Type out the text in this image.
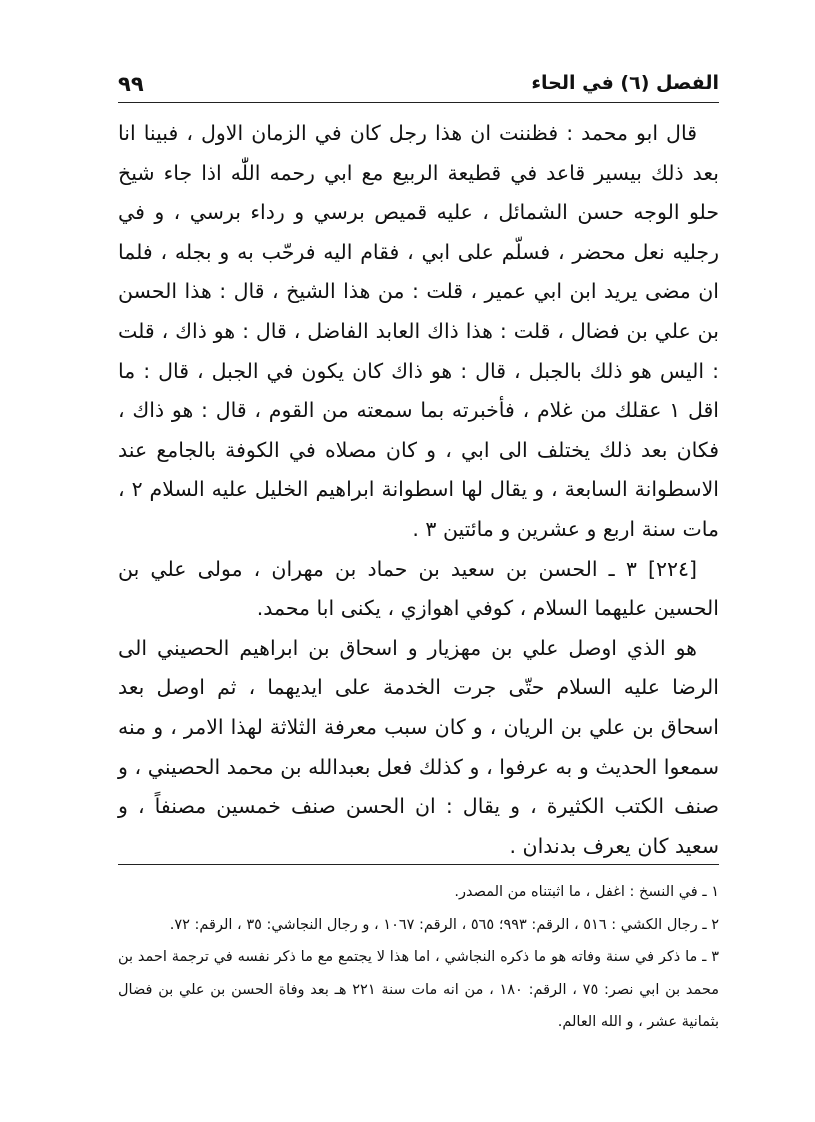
٩٩	الفصل (٦) في الحاء

قال ابو محمد : فظننت ان هذا رجل كان في الزمان الاول ، فبينا انا بعد ذلك بيسير قاعد في قطيعة الربيع مع ابي رحمه اللّٰه اذا جاء شيخ حلو الوجه حسن الشمائل ، عليه قميص برسي و رداء برسي ، و في رجليه نعل محضر ، فسلّم على ابي ، فقام اليه فرحّب به و بجله ، فلما ان مضى يريد ابن ابي عمير ، قلت : من هذا الشيخ ، قال : هذا الحسن بن علي بن فضال ، قلت : هذا ذاك العابد الفاضل ، قال : هو ذاك ، قلت : اليس هو ذلك بالجبل ، قال : هو ذاك كان يكون في الجبل ، قال : ما اقل ١ عقلك من غلام ، فأخبرته بما سمعته من القوم ، قال : هو ذاك ، فكان بعد ذلك يختلف الى ابي ، و كان مصلاه في الكوفة بالجامع عند الاسطوانة السابعة ، و يقال لها اسطوانة ابراهيم الخليل عليه السلام ٢ ، مات سنة اربع و عشرين و مائتين ٣ .

[٢٢٤] ٣ ـ الحسن بن سعيد بن حماد بن مهران ، مولى علي بن الحسين عليهما السلام ، كوفي اهوازي ، يكنى ابا محمد.

هو الذي اوصل علي بن مهزيار و اسحاق بن ابراهيم الحصيني الى الرضا عليه السلام حتّى جرت الخدمة على ايديهما ، ثم اوصل بعد اسحاق بن علي بن الريان ، و كان سبب معرفة الثلاثة لهذا الامر ، و منه سمعوا الحديث و به عرفوا ، و كذلك فعل بعبدالله بن محمد الحصيني ، و صنف الكتب الكثيرة ، و يقال : ان الحسن صنف خمسين مصنفاً ، و سعيد كان يعرف بدندان .

١ ـ في النسخ : اغفل ، ما اثبتناه من المصدر.

٢ ـ رجال الكشي : ٥١٦ ، الرقم: ٩٩٣؛ ٥٦٥ ، الرقم: ١٠٦٧ ، و رجال النجاشي: ٣٥ ، الرقم: ٧٢.

٣ ـ ما ذكر في سنة وفاته هو ما ذكره النجاشي ، اما هذا لا يجتمع مع ما ذكر نفسه في ترجمة احمد بن محمد بن ابي نصر: ٧٥ ، الرقم: ١٨٠ ، من انه مات سنة ٢٢١ هـ بعد وفاة الحسن بن علي بن فضال بثمانية عشر ، و الله العالم.
